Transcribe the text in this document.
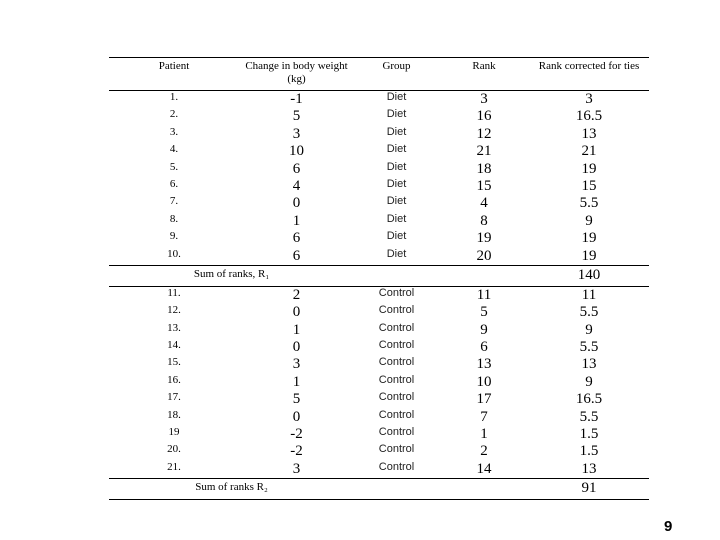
Patient	Change in body weight (kg)	Group	Rank	Rank corrected for ties
1.	-1	Diet	3	3
2.	5	Diet	16	16.5
3.	3	Diet	12	13
4.	10	Diet	21	21
5.	6	Diet	18	19
6.	4	Diet	15	15
7.	0	Diet	4	5.5
8.	1	Diet	8	9
9.	6	Diet	19	19
10.	6	Diet	20	19
Sum of ranks, R₁				140
11.	2	Control	11	11
12.	0	Control	5	5.5
13.	1	Control	9	9
14.	0	Control	6	5.5
15.	3	Control	13	13
16.	1	Control	10	9
17.	5	Control	17	16.5
18.	0	Control	7	5.5
19	-2	Control	1	1.5
20.	-2	Control	2	1.5
21.	3	Control	14	13
Sum of ranks R₂				91
9
